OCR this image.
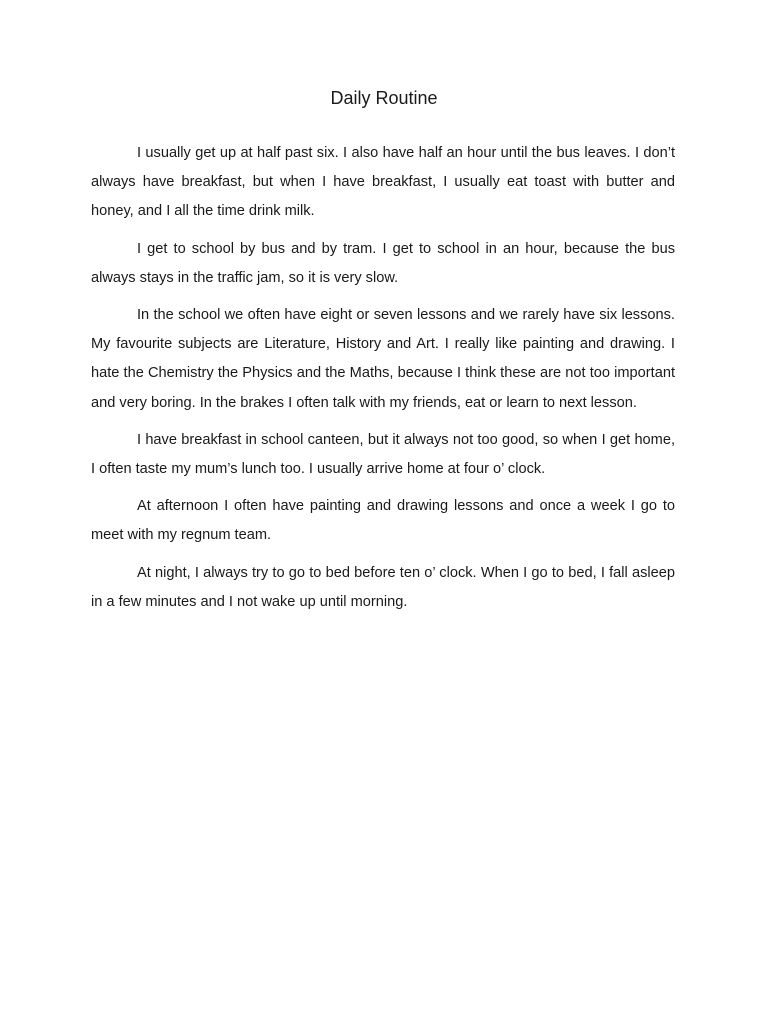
Daily Routine

I usually get up at half past six. I also have half an hour until the bus leaves. I don’t always have breakfast, but when I have breakfast, I usually eat toast with butter and honey, and I all the time drink milk.

I get to school by bus and by tram. I get to school in an hour, because the bus always stays in the traffic jam, so it is very slow.

In the school we often have eight or seven lessons and we rarely have six lessons. My favourite subjects are Literature, History and Art. I really like painting and drawing. I hate the Chemistry the Physics and the Maths, because I think these are not too important and very boring. In the brakes I often talk with my friends, eat or learn to next lesson.

I have breakfast in school canteen, but it always not too good, so when I get home, I often taste my mum’s lunch too. I usually arrive home at four o’ clock.

At afternoon I often have painting and drawing lessons and once a week I go to meet with my regnum team.

At night, I always try to go to bed before ten o’ clock. When I go to bed, I fall asleep in a few minutes and I not wake up until morning.
